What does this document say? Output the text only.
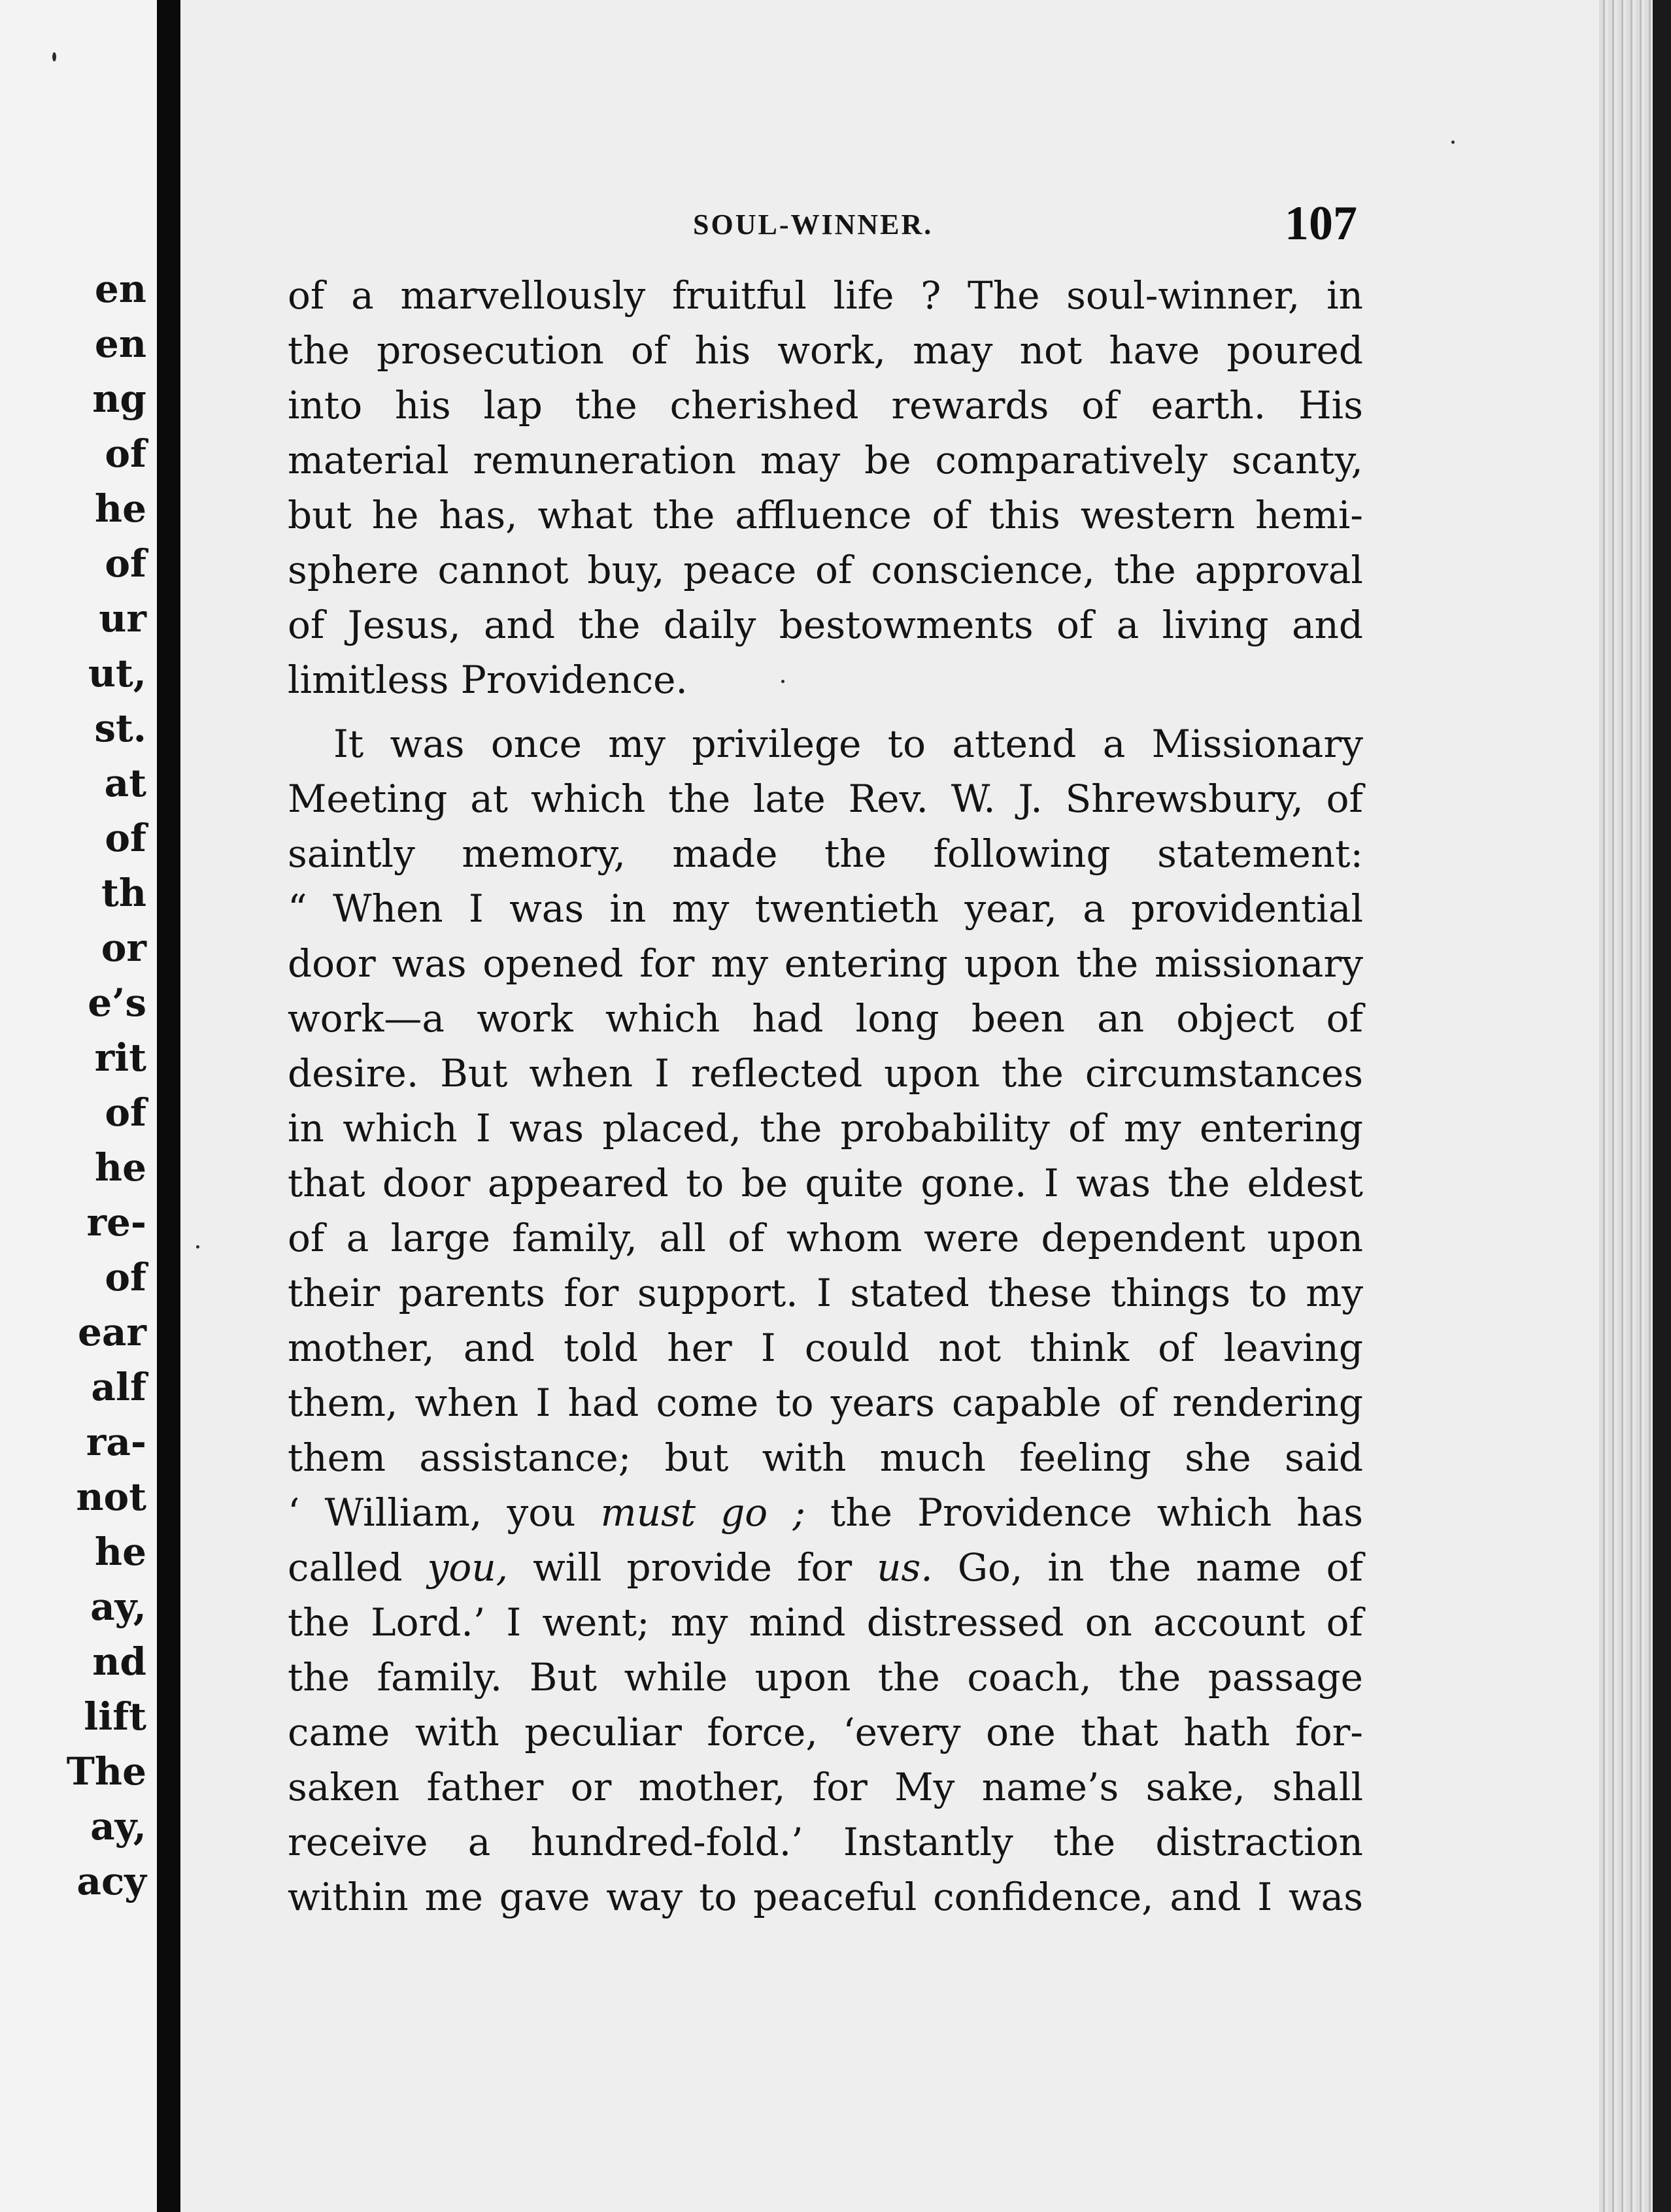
en
en
ng
of
he
of
ur
ut,
st.
at
of
th
or
e’s
rit
of
he
re-
of
ear
alf
ra-
not
he
ay,
nd
lift
The
ay,
acy
SOUL-WINNER.	107
of a marvellously fruitful life ? The soul-winner, in
the prosecution of his work, may not have poured
into his lap the cherished rewards of earth. His
material remuneration may be comparatively scanty,
but he has, what the affluence of this western hemi-
sphere cannot buy, peace of conscience, the approval
of Jesus, and the daily bestowments of a living and
limitless Providence.
It was once my privilege to attend a Missionary
Meeting at which the late Rev. W. J. Shrewsbury, of
saintly memory, made the following statement:
“ When I was in my twentieth year, a providential
door was opened for my entering upon the missionary
work—a work which had long been an object of
desire. But when I reflected upon the circumstances
in which I was placed, the probability of my entering
that door appeared to be quite gone. I was the eldest
of a large family, all of whom were dependent upon
their parents for support. I stated these things to my
mother, and told her I could not think of leaving
them, when I had come to years capable of rendering
them assistance; but with much feeling she said
‘ William, you must go ; the Providence which has
called you, will provide for us. Go, in the name of
the Lord.’ I went; my mind distressed on account of
the family. But while upon the coach, the passage
came with peculiar force, ‘every one that hath for-
saken father or mother, for My name’s sake, shall
receive a hundred-fold.’ Instantly the distraction
within me gave way to peaceful confidence, and I was
